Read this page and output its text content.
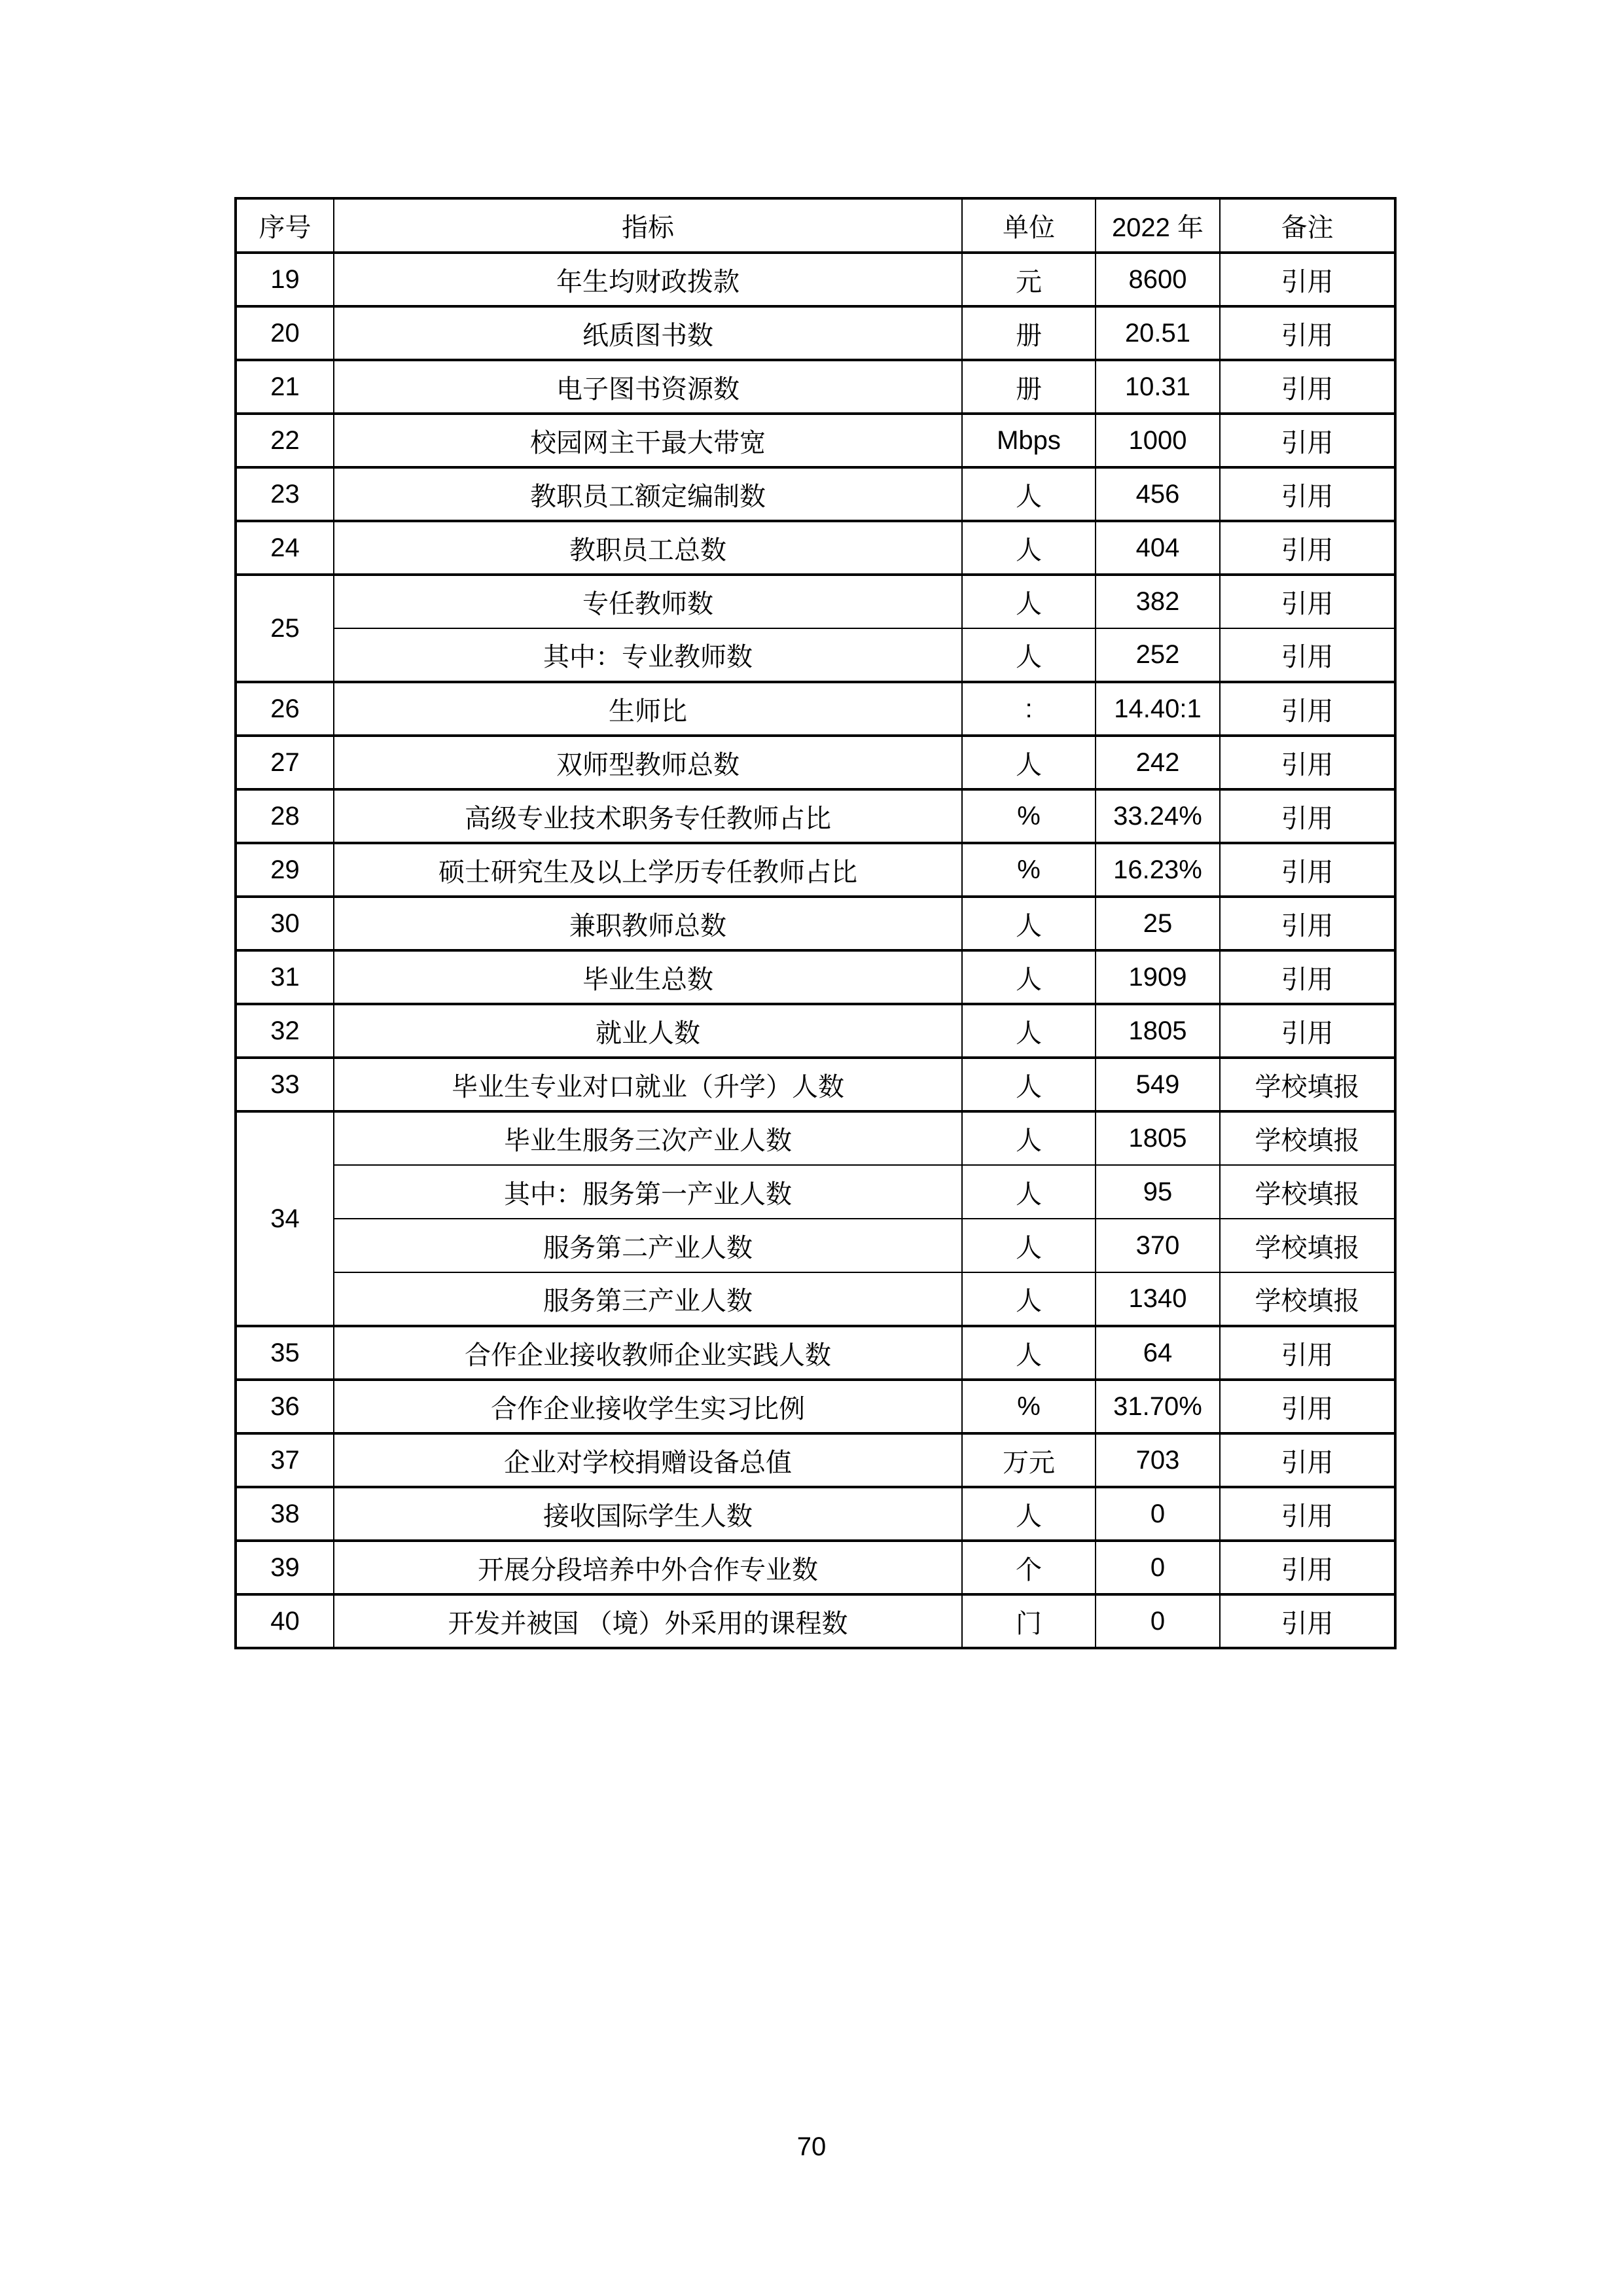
序号	指标	单位	2022 年	备注
19	年生均财政拨款	元	8600	引用
20	纸质图书数	册	20.51	引用
21	电子图书资源数	册	10.31	引用
22	校园网主干最大带宽	Mbps	1000	引用
23	教职员工额定编制数	人	456	引用
24	教职员工总数	人	404	引用
25	专任教师数	人	382	引用
	其中：专业教师数	人	252	引用
26	生师比	:	14.40:1	引用
27	双师型教师总数	人	242	引用
28	高级专业技术职务专任教师占比	%	33.24%	引用
29	硕士研究生及以上学历专任教师占比	%	16.23%	引用
30	兼职教师总数	人	25	引用
31	毕业生总数	人	1909	引用
32	就业人数	人	1805	引用
33	毕业生专业对口就业（升学）人数	人	549	学校填报
34	毕业生服务三次产业人数	人	1805	学校填报
	其中：服务第一产业人数	人	95	学校填报
	服务第二产业人数	人	370	学校填报
	服务第三产业人数	人	1340	学校填报
35	合作企业接收教师企业实践人数	人	64	引用
36	合作企业接收学生实习比例	%	31.70%	引用
37	企业对学校捐赠设备总值	万元	703	引用
38	接收国际学生人数	人	0	引用
39	开展分段培养中外合作专业数	个	0	引用
40	开发并被国 （境）外采用的课程数	门	0	引用
70
